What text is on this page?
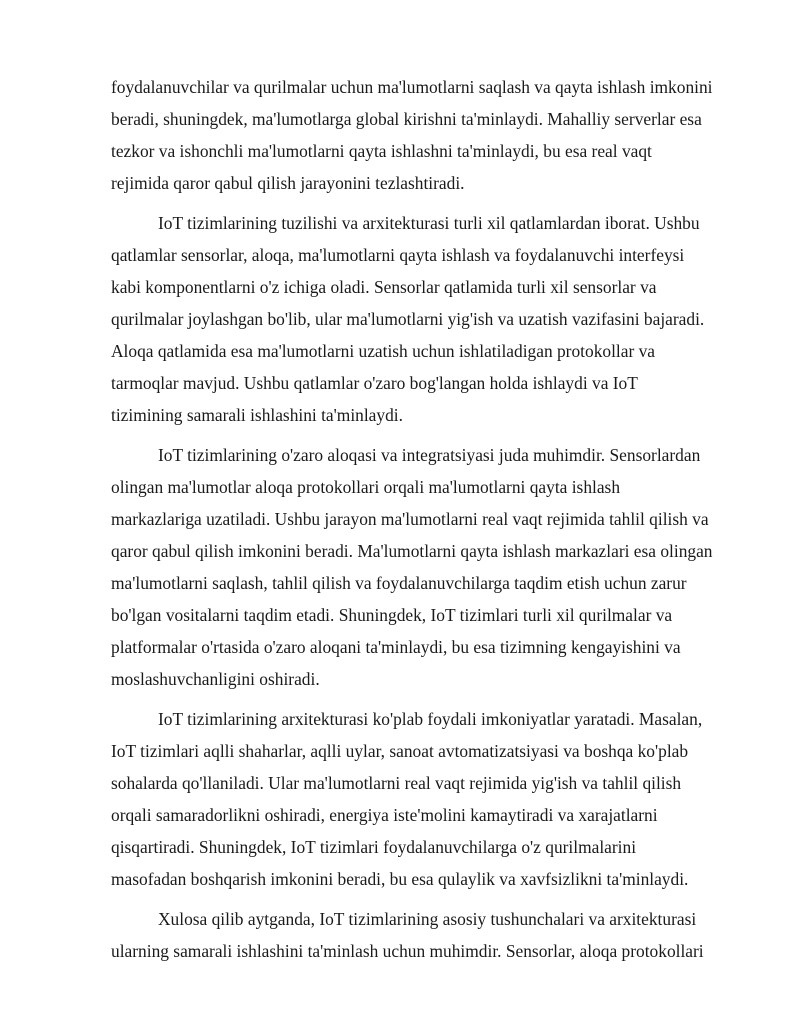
foydalanuvchilar va qurilmalar uchun ma'lumotlarni saqlash va qayta ishlash imkonini
beradi, shuningdek, ma'lumotlarga global kirishni ta'minlaydi. Mahalliy serverlar esa
tezkor va ishonchli ma'lumotlarni qayta ishlashni ta'minlaydi, bu esa real vaqt
rejimida qaror qabul qilish jarayonini tezlashtiradi.
IoT tizimlarining tuzilishi va arxitekturasi turli xil qatlamlardan iborat. Ushbu
qatlamlar sensorlar, aloqa, ma'lumotlarni qayta ishlash va foydalanuvchi interfeysi
kabi komponentlarni o'z ichiga oladi. Sensorlar qatlamida turli xil sensorlar va
qurilmalar joylashgan bo'lib, ular ma'lumotlarni yig'ish va uzatish vazifasini bajaradi.
Aloqa qatlamida esa ma'lumotlarni uzatish uchun ishlatiladigan protokollar va
tarmoqlar mavjud. Ushbu qatlamlar o'zaro bog'langan holda ishlaydi va IoT
tizimining samarali ishlashini ta'minlaydi.
IoT tizimlarining o'zaro aloqasi va integratsiyasi juda muhimdir. Sensorlardan
olingan ma'lumotlar aloqa protokollari orqali ma'lumotlarni qayta ishlash
markazlariga uzatiladi. Ushbu jarayon ma'lumotlarni real vaqt rejimida tahlil qilish va
qaror qabul qilish imkonini beradi. Ma'lumotlarni qayta ishlash markazlari esa olingan
ma'lumotlarni saqlash, tahlil qilish va foydalanuvchilarga taqdim etish uchun zarur
bo'lgan vositalarni taqdim etadi. Shuningdek, IoT tizimlari turli xil qurilmalar va
platformalar o'rtasida o'zaro aloqani ta'minlaydi, bu esa tizimning kengayishini va
moslashuvchanligini oshiradi.
IoT tizimlarining arxitekturasi ko'plab foydali imkoniyatlar yaratadi. Masalan,
IoT tizimlari aqlli shaharlar, aqlli uylar, sanoat avtomatizatsiyasi va boshqa ko'plab
sohalarda qo'llaniladi. Ular ma'lumotlarni real vaqt rejimida yig'ish va tahlil qilish
orqali samaradorlikni oshiradi, energiya iste'molini kamaytiradi va xarajatlarni
qisqartiradi. Shuningdek, IoT tizimlari foydalanuvchilarga o'z qurilmalarini
masofadan boshqarish imkonini beradi, bu esa qulaylik va xavfsizlikni ta'minlaydi.
Xulosa qilib aytganda, IoT tizimlarining asosiy tushunchalari va arxitekturasi
ularning samarali ishlashini ta'minlash uchun muhimdir. Sensorlar, aloqa protokollari
